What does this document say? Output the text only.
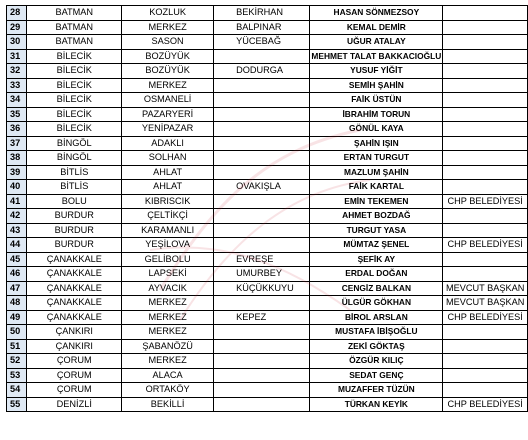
28	BATMAN	KOZLUK	BEKİRHAN	HASAN SÖNMEZSOY	
29	BATMAN	MERKEZ	BALPINAR	KEMAL DEMİR	
30	BATMAN	SASON	YÜCEBAĞ	UĞUR ATALAY	
31	BİLECİK	BOZÜYÜK		MEHMET TALAT BAKKACIOĞLU	
32	BİLECİK	BOZÜYÜK	DODURGA	YUSUF YİĞİT	
33	BİLECİK	MERKEZ		SEMİH ŞAHİN	
34	BİLECİK	OSMANELİ		FAİK ÜSTÜN	
35	BİLECİK	PAZARYERİ		İBRAHİM TORUN	
36	BİLECİK	YENİPAZAR		GÖNÜL KAYA	
37	BİNGÖL	ADAKLI		ŞAHİN IŞIN	
38	BİNGÖL	SOLHAN		ERTAN TURGUT	
39	BİTLİS	AHLAT		MAZLUM ŞAHİN	
40	BİTLİS	AHLAT	OVAKIŞLA	FAİK KARTAL	
41	BOLU	KIBRISCIK		EMİN TEKEMEN	CHP BELEDİYESİ
42	BURDUR	ÇELTİKÇİ		AHMET BOZDAĞ	
43	BURDUR	KARAMANLI		TURGUT YASA	
44	BURDUR	YEŞİLOVA		MÜMTAZ ŞENEL	CHP BELEDİYESİ
45	ÇANAKKALE	GELİBOLU	EVREŞE	ŞEFİK AY	
46	ÇANAKKALE	LAPSEKİ	UMURBEY	ERDAL DOĞAN	
47	ÇANAKKALE	AYVACIK	KÜÇÜKKUYU	CENGİZ BALKAN	MEVCUT BAŞKAN
48	ÇANAKKALE	MERKEZ		ÜLGÜR GÖKHAN	MEVCUT BAŞKAN
49	ÇANAKKALE	MERKEZ	KEPEZ	BİROL ARSLAN	CHP BELEDİYESİ
50	ÇANKIRI	MERKEZ		MUSTAFA İBİŞOĞLU	
51	ÇANKIRI	ŞABANÖZÜ		ZEKİ GÖKTAŞ	
52	ÇORUM	MERKEZ		ÖZGÜR KILIÇ	
53	ÇORUM	ALACA		SEDAT GENÇ	
54	ÇORUM	ORTAKÖY		MUZAFFER TÜZÜN	
55	DENİZLİ	BEKİLLİ		TÜRKAN KEYİK	CHP BELEDİYESİ
